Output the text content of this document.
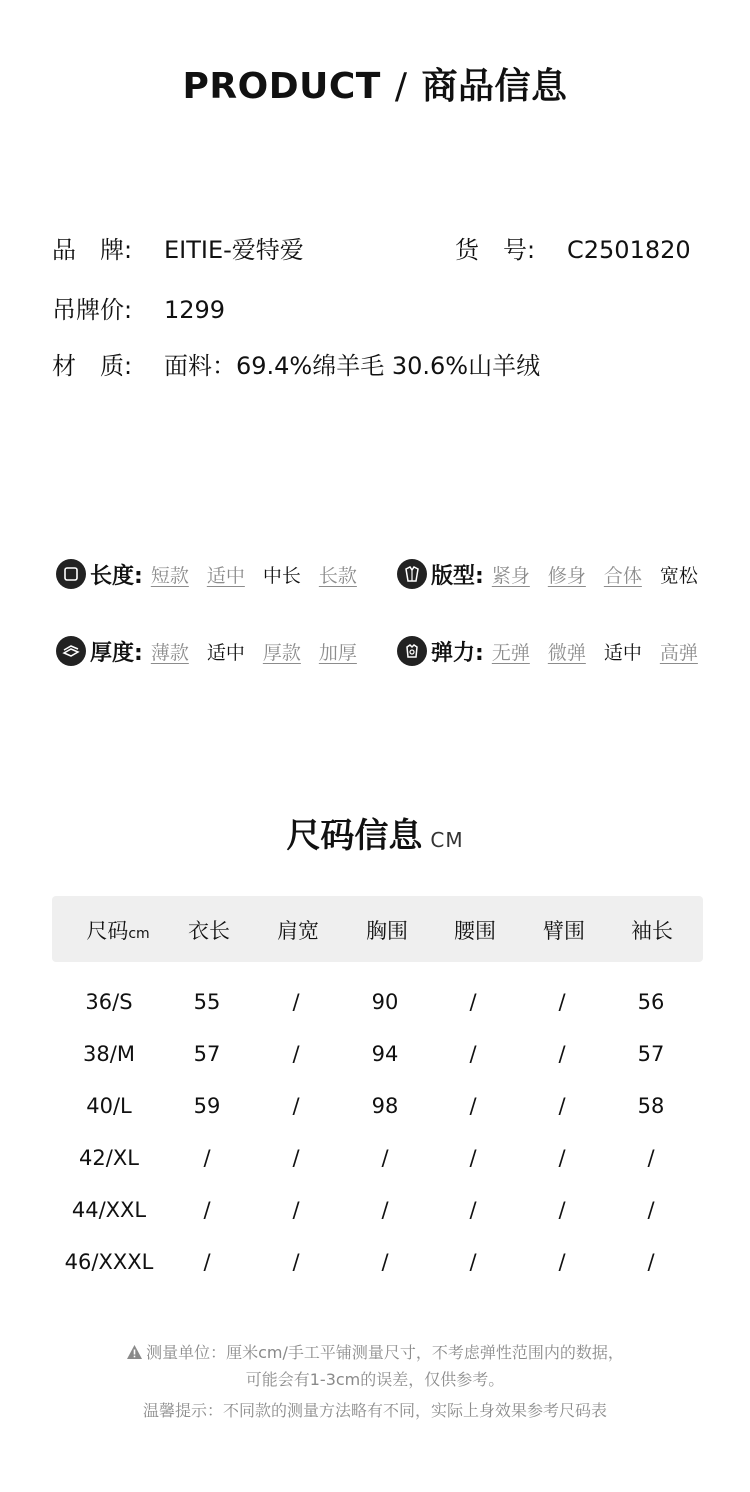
PRODUCT / 商品信息
品　牌: EITIE-爱特爱	货　号: C2501820
吊牌价: 1299
材　质: 面料：69.4%绵羊毛 30.6%山羊绒
长度: 短款 适中 中长 长款	版型: 紧身 修身 合体 宽松
厚度: 薄款 适中 厚款 加厚	弹力: 无弹 微弹 适中 高弹
尺码信息 CM
尺码cm 衣长 肩宽 胸围 腰围 臂围 袖长
36/S	55	/	90	/	/	56
38/M	57	/	94	/	/	57
40/L	59	/	98	/	/	58
42/XL	/	/	/	/	/	/
44/XXL	/	/	/	/	/	/
46/XXXL /	/	/	/	/	/
测量单位：厘米cm/手工平铺测量尺寸，不考虑弹性范围内的数据，
可能会有1-3cm的误差，仅供参考。
温馨提示：不同款的测量方法略有不同，实际上身效果参考尺码表
